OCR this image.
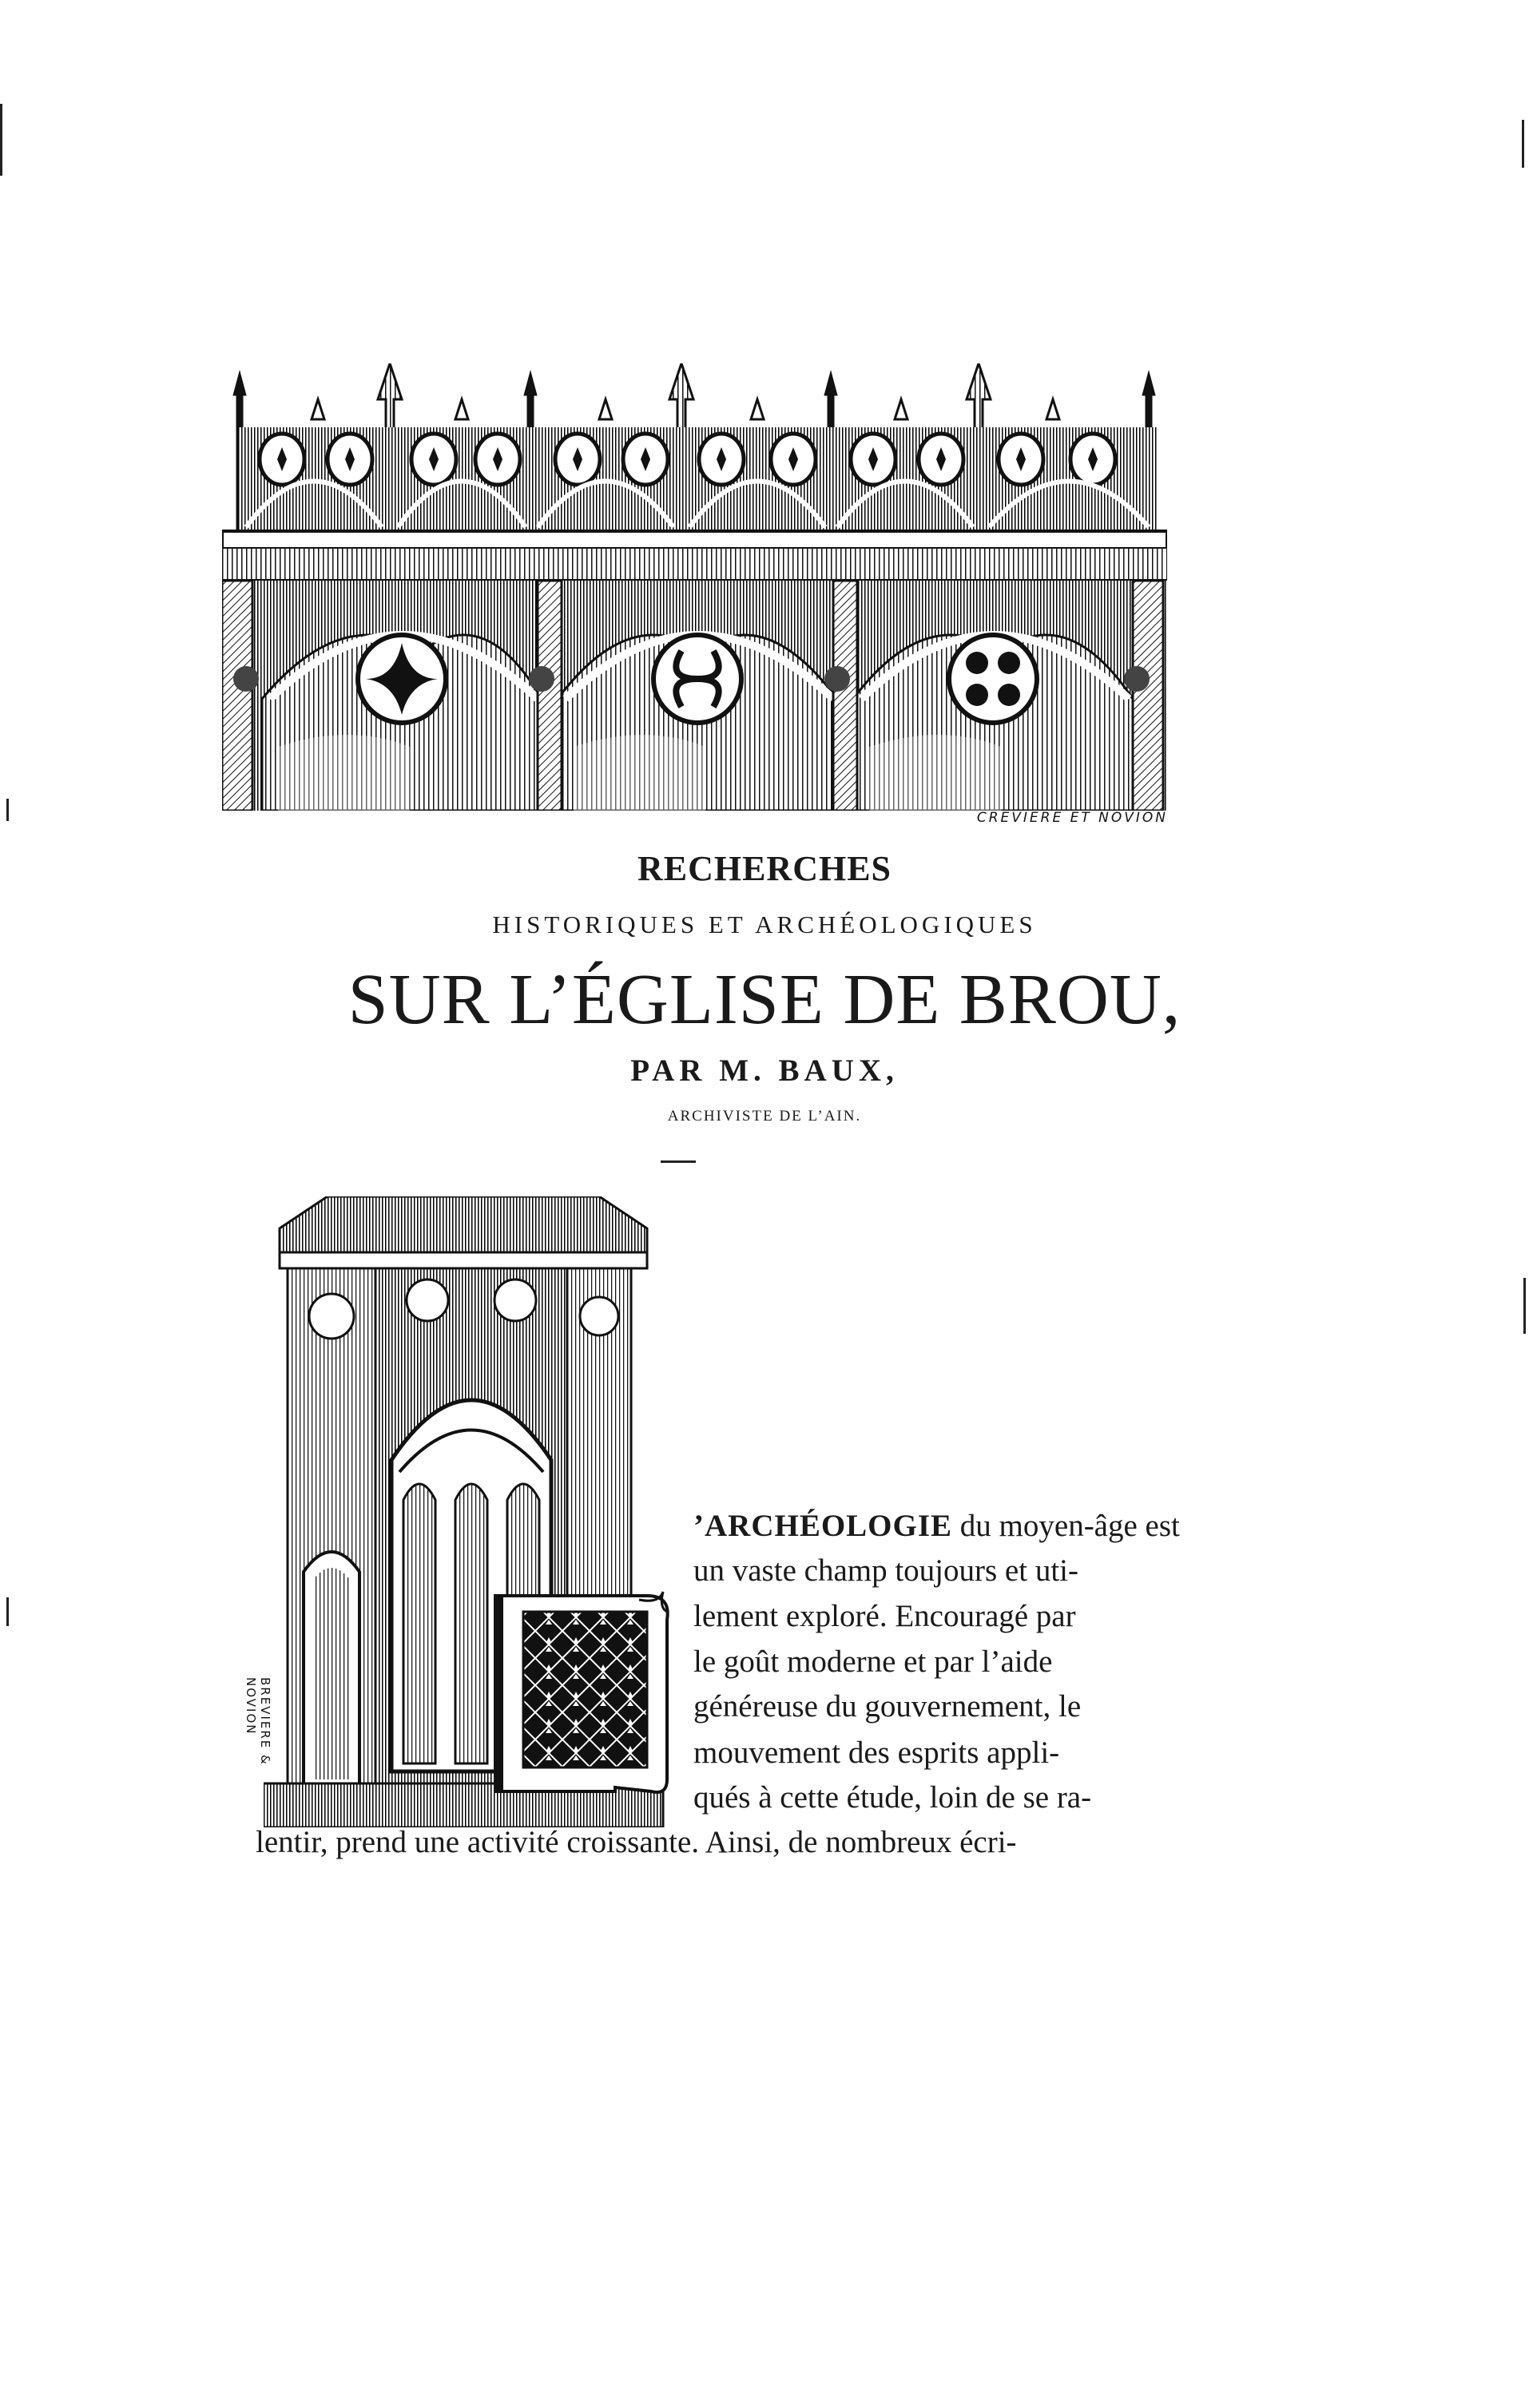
CREVIERE ET NOVION
RECHERCHES
HISTORIQUES ET ARCHÉOLOGIQUES
SUR L’ÉGLISE DE BROU,
PAR M. BAUX,
ARCHIVISTE DE L’AIN.
BREVIERE & NOVION
’ARCHÉOLOGIE du moyen-âge est
un vaste champ toujours et uti-
lement exploré. Encouragé par
le goût moderne et par l’aide
généreuse du gouvernement, le
mouvement des esprits appli-
qués à cette étude, loin de se ra-
lentir, prend une activité croissante. Ainsi, de nombreux écri-
